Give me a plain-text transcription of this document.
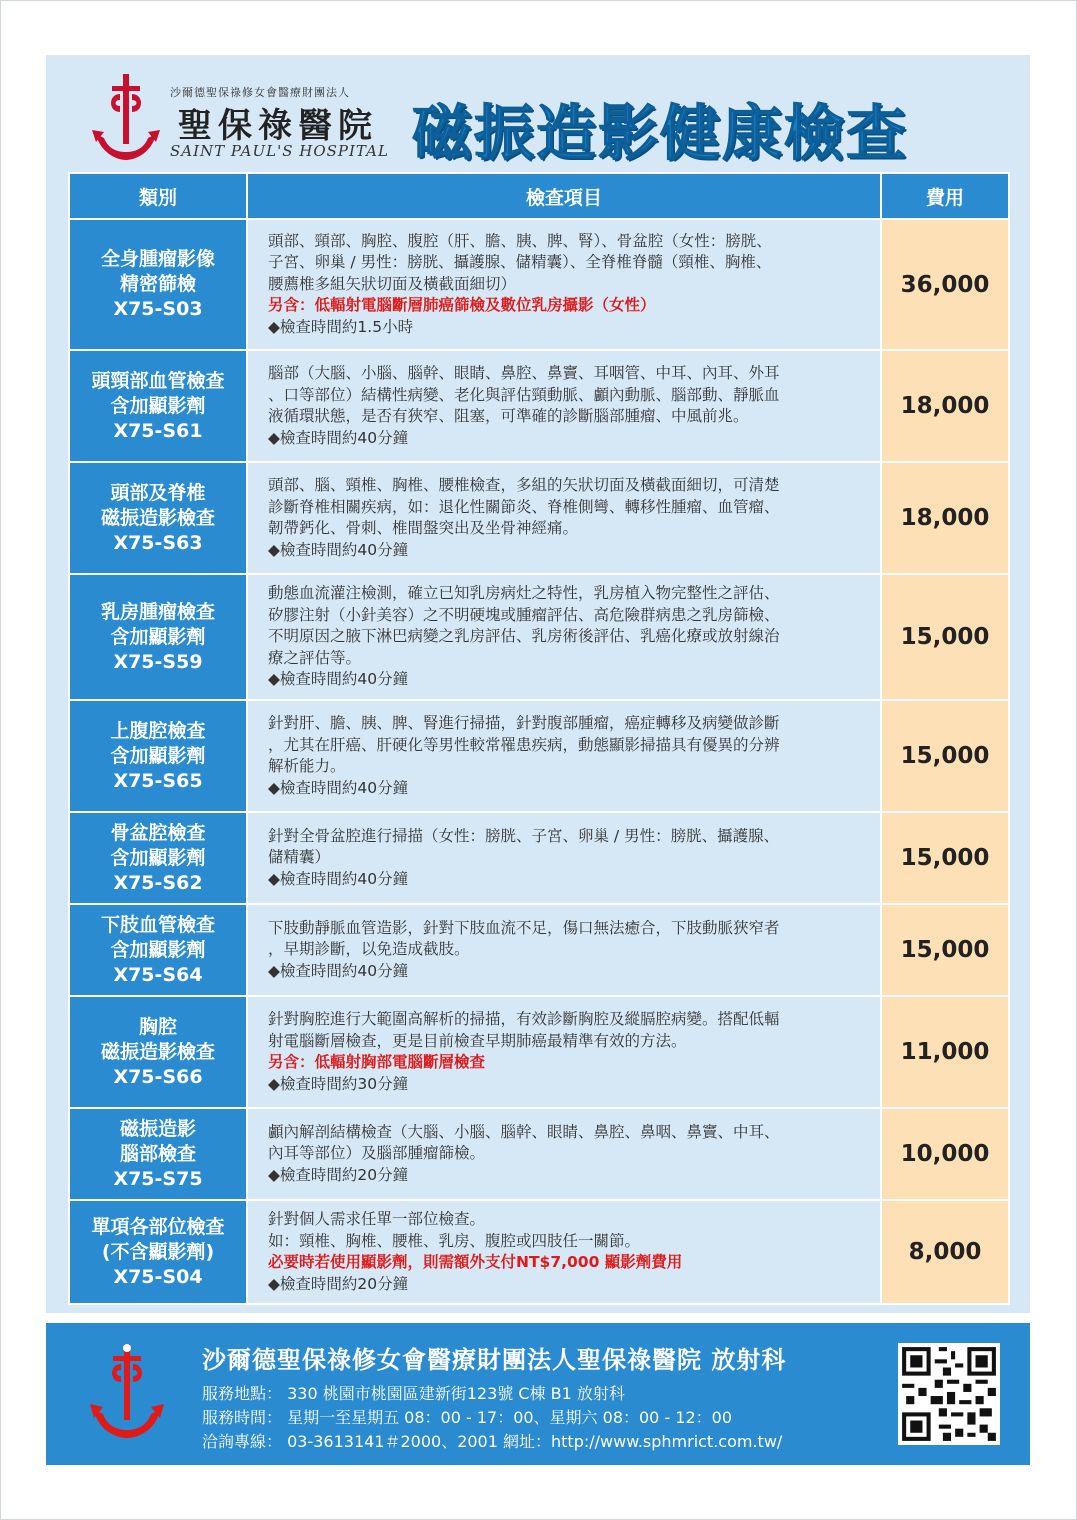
沙爾德聖保祿修女會醫療財團法人
聖保祿醫院
SAINT PAUL'S HOSPITAL 磁振造影健康檢查
類別	檢查項目	費用

全身腫瘤影像
精密篩檢
X75-S03	頭部、頸部、胸腔、腹腔（肝、膽、胰、脾、腎）、骨盆腔（女性：膀胱、
子宮、卵巢 / 男性：膀胱、攝護腺、儲精囊）、全脊椎脊髓（頸椎、胸椎、
腰薦椎多組矢狀切面及橫截面細切）
另含：低輻射電腦斷層肺癌篩檢及數位乳房攝影（女性）
◆檢查時間約1.5小時	36,000

頭頸部血管檢查
含加顯影劑
X75-S61	腦部（大腦、小腦、腦幹、眼睛、鼻腔、鼻竇、耳咽管、中耳、內耳、外耳
、口等部位）結構性病變、老化與評估頸動脈、顱內動脈、腦部動、靜脈血
液循環狀態，是否有狹窄、阻塞，可準確的診斷腦部腫瘤、中風前兆。
◆檢查時間約40分鐘	18,000

頭部及脊椎
磁振造影檢查
X75-S63	頭部、腦、頸椎、胸椎、腰椎檢查，多組的矢狀切面及橫截面細切，可清楚
診斷脊椎相關疾病，如：退化性關節炎、脊椎側彎、轉移性腫瘤、血管瘤、
韌帶鈣化、骨刺、椎間盤突出及坐骨神經痛。
◆檢查時間約40分鐘	18,000

乳房腫瘤檢查
含加顯影劑
X75-S59	動態血流灌注檢測，確立已知乳房病灶之特性，乳房植入物完整性之評估、
矽膠注射（小針美容）之不明硬塊或腫瘤評估、高危險群病患之乳房篩檢、
不明原因之腋下淋巴病變之乳房評估、乳房術後評估、乳癌化療或放射線治
療之評估等。
◆檢查時間約40分鐘	15,000

上腹腔檢查
含加顯影劑
X75-S65	針對肝、膽、胰、脾、腎進行掃描，針對腹部腫瘤，癌症轉移及病變做診斷
，尤其在肝癌、肝硬化等男性較常罹患疾病，動態顯影掃描具有優異的分辨
解析能力。
◆檢查時間約40分鐘	15,000

骨盆腔檢查
含加顯影劑
X75-S62	針對全骨盆腔進行掃描（女性：膀胱、子宮、卵巢 / 男性：膀胱、攝護腺、
儲精囊）
◆檢查時間約40分鐘	15,000

下肢血管檢查
含加顯影劑
X75-S64	下肢動靜脈血管造影，針對下肢血流不足，傷口無法癒合，下肢動脈狹窄者
，早期診斷，以免造成截肢。
◆檢查時間約40分鐘	15,000

胸腔
磁振造影檢查
X75-S66	針對胸腔進行大範圍高解析的掃描，有效診斷胸腔及縱膈腔病變。搭配低輻
射電腦斷層檢查，更是目前檢查早期肺癌最精準有效的方法。
另含：低輻射胸部電腦斷層檢查
◆檢查時間約30分鐘	11,000

磁振造影
腦部檢查
X75-S75	顱內解剖結構檢查（大腦、小腦、腦幹、眼睛、鼻腔、鼻咽、鼻竇、中耳、
內耳等部位）及腦部腫瘤篩檢。
◆檢查時間約20分鐘	10,000

單項各部位檢查
(不含顯影劑)
X75-S04	針對個人需求任單一部位檢查。
如：頸椎、胸椎、腰椎、乳房、腹腔或四肢任一關節。
必要時若使用顯影劑，則需額外支付NT$7,000 顯影劑費用
◆檢查時間約20分鐘	8,000
沙爾德聖保祿修女會醫療財團法人聖保祿醫院 放射科
服務地點： 330 桃園市桃園區建新街123號 C棟 B1 放射科
服務時間： 星期一至星期五 08：00 - 17：00、星期六 08：00 - 12：00
洽詢專線： 03-3613141＃2000、2001 網址：http://www.sphmrict.com.tw/
